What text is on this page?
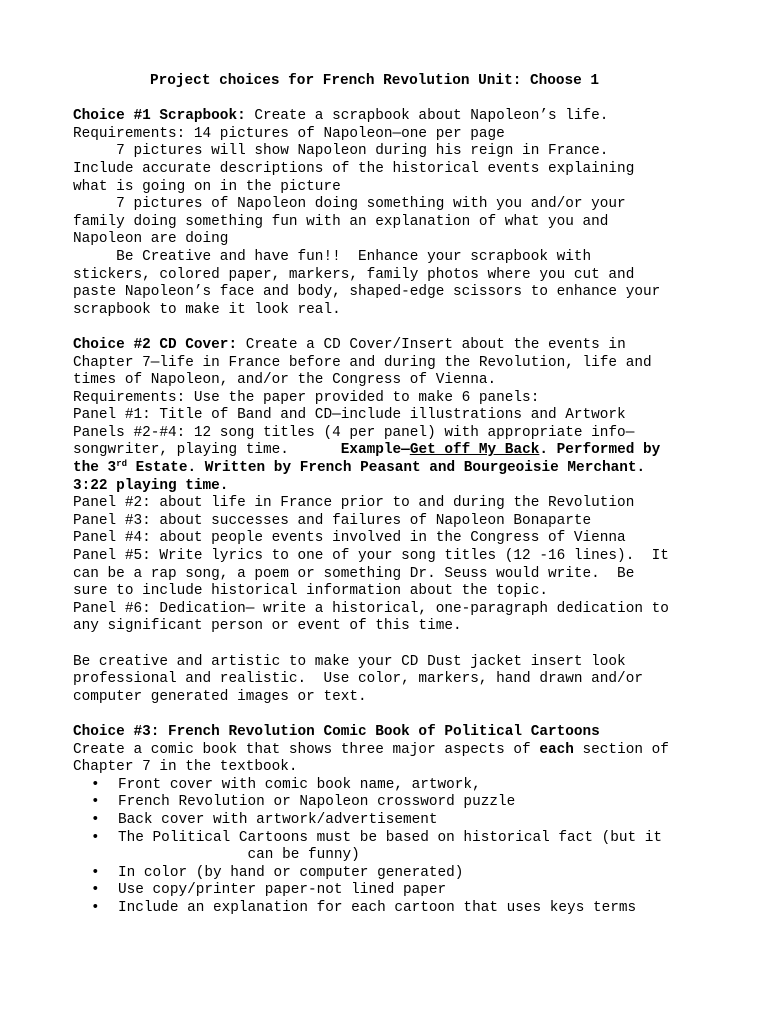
Project choices for French Revolution Unit: Choose 1
Choice #1 Scrapbook: Create a scrapbook about Napoleon’s life.
Requirements: 14 pictures of Napoleon—one per page
7 pictures will show Napoleon during his reign in France.
Include accurate descriptions of the historical events explaining
what is going on in the picture
7 pictures of Napoleon doing something with you and/or your
family doing something fun with an explanation of what you and
Napoleon are doing
Be Creative and have fun!!  Enhance your scrapbook with
stickers, colored paper, markers, family photos where you cut and
paste Napoleon’s face and body, shaped-edge scissors to enhance your
scrapbook to make it look real.
Choice #2 CD Cover: Create a CD Cover/Insert about the events in
Chapter 7—life in France before and during the Revolution, life and
times of Napoleon, and/or the Congress of Vienna.
Requirements: Use the paper provided to make 6 panels:
Panel #1: Title of Band and CD—include illustrations and Artwork
Panels #2-#4: 12 song titles (4 per panel) with appropriate info—
songwriter, playing time.      Example—Get off My Back. Performed by
the 3rd Estate. Written by French Peasant and Bourgeoisie Merchant.
3:22 playing time.
Panel #2: about life in France prior to and during the Revolution
Panel #3: about successes and failures of Napoleon Bonaparte
Panel #4: about people events involved in the Congress of Vienna
Panel #5: Write lyrics to one of your song titles (12 -16 lines).  It
can be a rap song, a poem or something Dr. Seuss would write.  Be
sure to include historical information about the topic.
Panel #6: Dedication— write a historical, one-paragraph dedication to
any significant person or event of this time.
Be creative and artistic to make your CD Dust jacket insert look
professional and realistic.  Use color, markers, hand drawn and/or
computer generated images or text.
Choice #3: French Revolution Comic Book of Political Cartoons
Create a comic book that shows three major aspects of each section of
Chapter 7 in the textbook.
• Front cover with comic book name, artwork,
• French Revolution or Napoleon crossword puzzle
• Back cover with artwork/advertisement
• The Political Cartoons must be based on historical fact (but it
can be funny)
• In color (by hand or computer generated)
• Use copy/printer paper-not lined paper
• Include an explanation for each cartoon that uses keys terms
